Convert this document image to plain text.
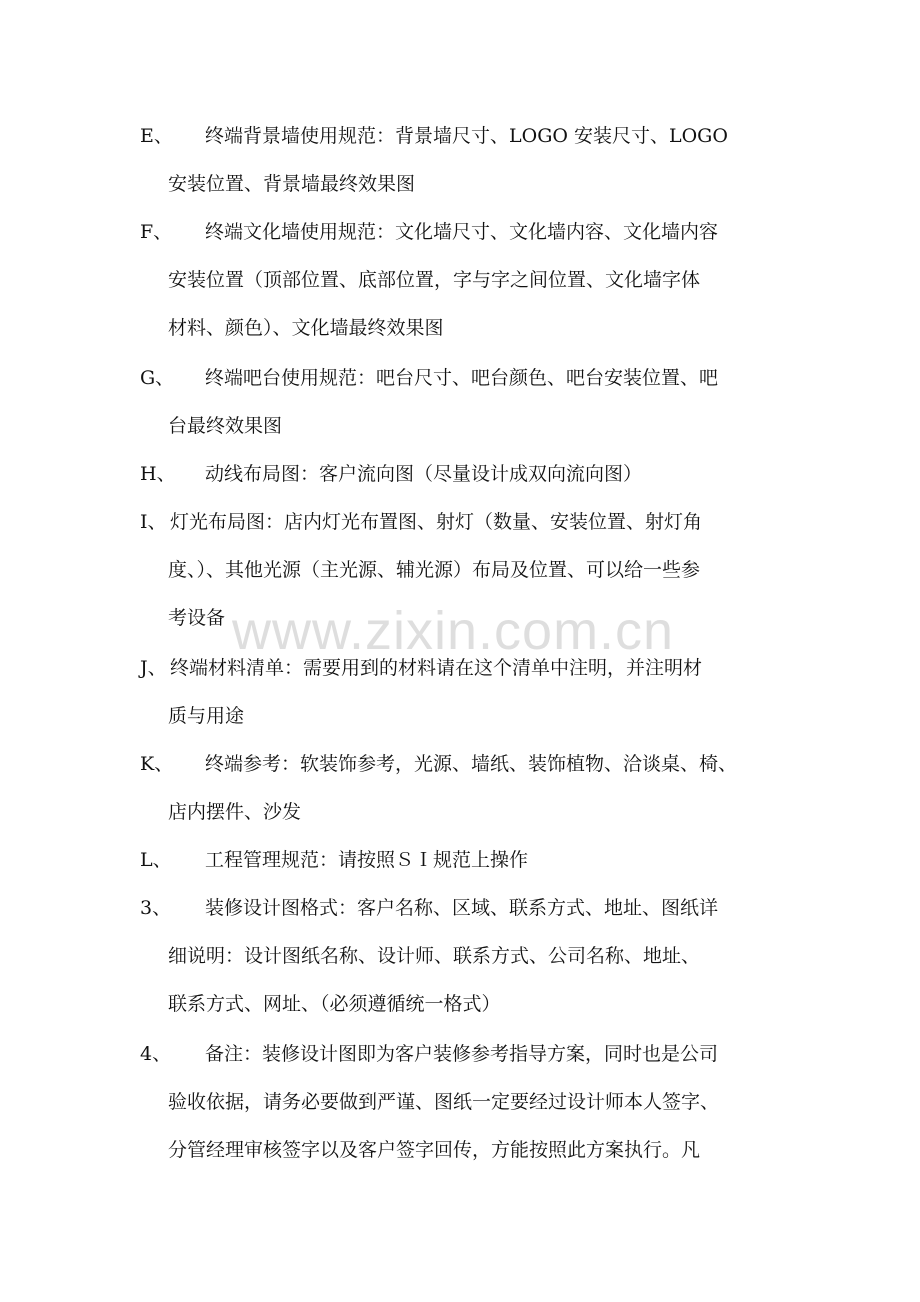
E、 终端背景墙使用规范：背景墙尺寸、LOGO 安装尺寸、LOGO
安装位置、背景墙最终效果图
F、 终端文化墙使用规范：文化墙尺寸、文化墙内容、文化墙内容
安装位置（顶部位置、底部位置，字与字之间位置、文化墙字体
材料、颜色）、文化墙最终效果图
G、 终端吧台使用规范：吧台尺寸、吧台颜色、吧台安装位置、吧
台最终效果图
H、 动线布局图：客户流向图（尽量设计成双向流向图）
I、 灯光布局图：店内灯光布置图、射灯（数量、安装位置、射灯角
度、）、其他光源（主光源、辅光源）布局及位置、可以给一些参
考设备
J、 终端材料清单：需要用到的材料请在这个清单中注明，并注明材
质与用途
K、 终端参考：软装饰参考，光源、墙纸、装饰植物、洽谈桌、椅、
店内摆件、沙发
L、 工程管理规范：请按照ＳＩ规范上操作
3、 装修设计图格式：客户名称、区域、联系方式、地址、图纸详
细说明：设计图纸名称、设计师、联系方式、公司名称、地址、
联系方式、网址、（必须遵循统一格式）
4、 备注：装修设计图即为客户装修参考指导方案，同时也是公司
验收依据，请务必要做到严谨、图纸一定要经过设计师本人签字、
分管经理审核签字以及客户签字回传，方能按照此方案执行。凡
www.zixin.com.cn
